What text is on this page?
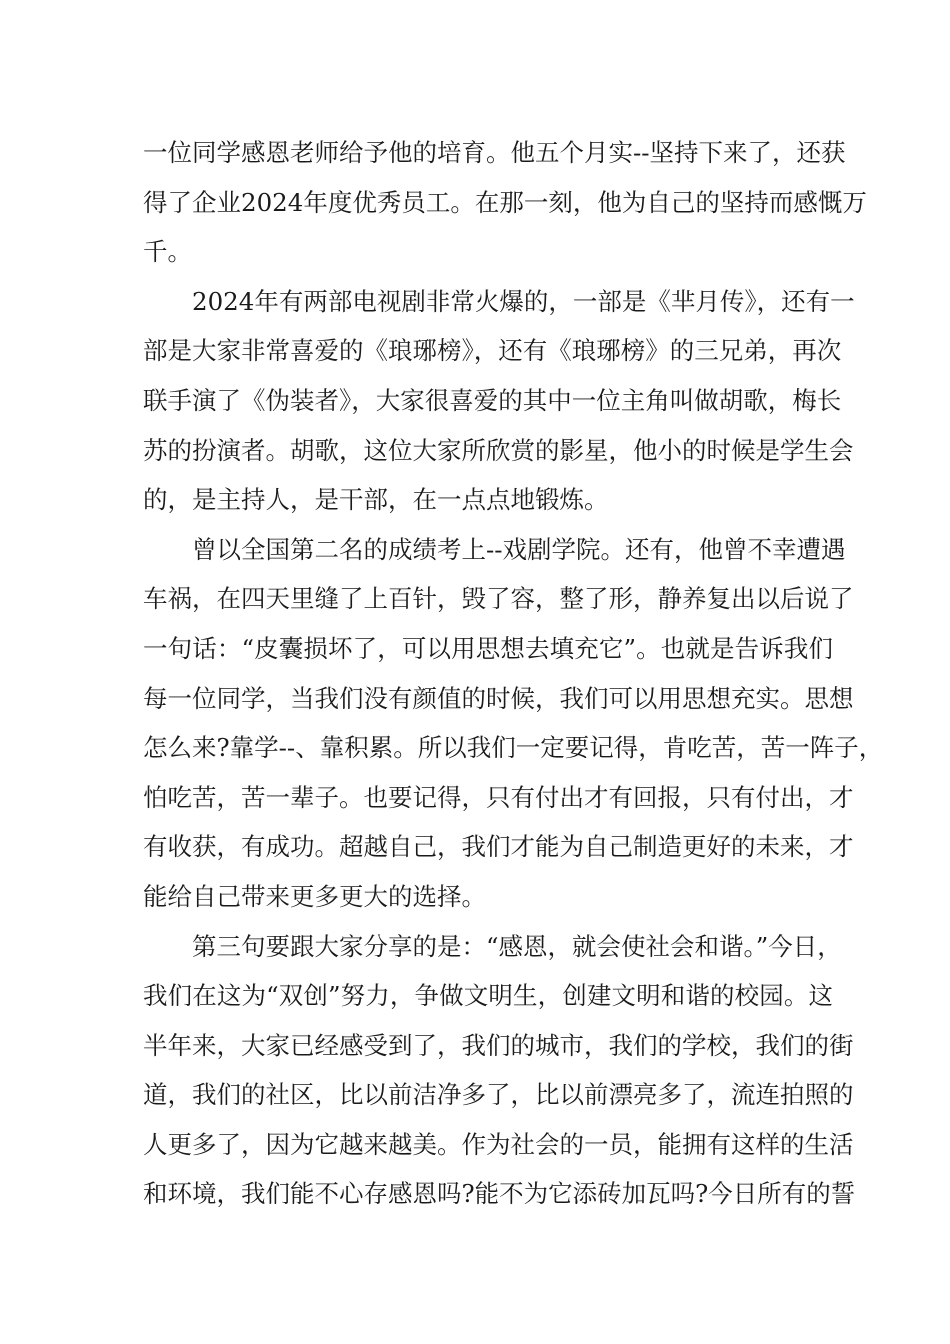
一位同学感恩老师给予他的培育。他五个月实--坚持下来了，还获
得了企业2024年度优秀员工。在那一刻，他为自己的坚持而感慨万
千。
2024年有两部电视剧非常火爆的，一部是《芈月传》，还有一
部是大家非常喜爱的《琅琊榜》，还有《琅琊榜》的三兄弟，再次
联手演了《伪装者》，大家很喜爱的其中一位主角叫做胡歌，梅长
苏的扮演者。胡歌，这位大家所欣赏的影星，他小的时候是学生会
的，是主持人，是干部，在一点点地锻炼。
曾以全国第二名的成绩考上--戏剧学院。还有，他曾不幸遭遇
车祸，在四天里缝了上百针，毁了容，整了形，静养复出以后说了
一句话：“皮囊损坏了，可以用思想去填充它”。也就是告诉我们
每一位同学，当我们没有颜值的时候，我们可以用思想充实。思想
怎么来?靠学--、靠积累。所以我们一定要记得，肯吃苦，苦一阵子，
怕吃苦，苦一辈子。也要记得，只有付出才有回报，只有付出，才
有收获，有成功。超越自己，我们才能为自己制造更好的未来，才
能给自己带来更多更大的选择。
第三句要跟大家分享的是：“感恩，就会使社会和谐。”今日，
我们在这为“双创”努力，争做文明生，创建文明和谐的校园。这
半年来，大家已经感受到了，我们的城市，我们的学校，我们的街
道，我们的社区，比以前洁净多了，比以前漂亮多了，流连拍照的
人更多了，因为它越来越美。作为社会的一员，能拥有这样的生活
和环境，我们能不心存感恩吗?能不为它添砖加瓦吗?今日所有的誓
